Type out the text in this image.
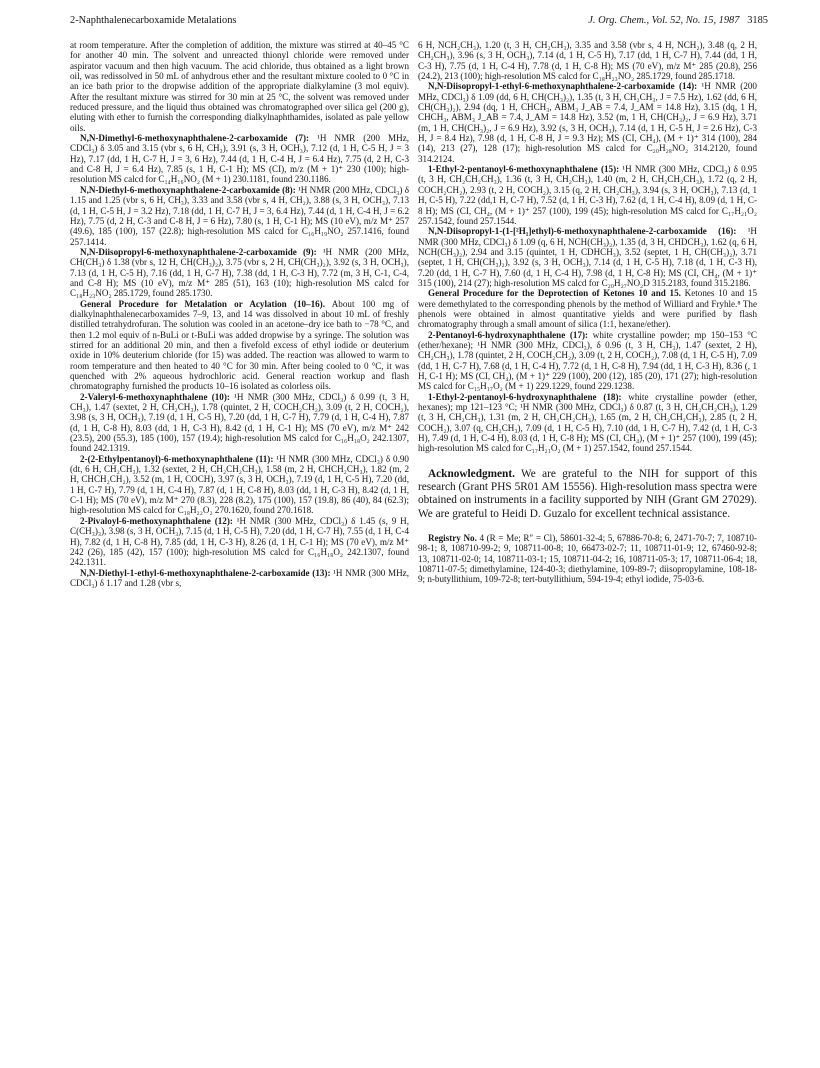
2-Naphthalenecarboxamide Metalations	J. Org. Chem., Vol. 52, No. 15, 1987 3185

at room temperature. After the completion of addition, the mixture was stirred at 40–45 °C for another 40 min. The solvent and unreacted thionyl chloride were removed under aspirator vacuum and then high vacuum. The acid chloride, thus obtained as a light brown oil, was redissolved in 50 mL of anhydrous ether and the resultant mixture cooled to 0 °C in an ice bath prior to the dropwise addition of the appropriate dialkylamine (3 mol equiv). After the resultant mixture was stirred for 30 min at 25 °C, the solvent was removed under reduced pressure, and the liquid thus obtained was chromatographed over silica gel (200 g), eluting with ether to furnish the corresponding dialkylnaphthamides, isolated as pale yellow oils.

N,N-Dimethyl-6-methoxynaphthalene-2-carboxamide (7): ¹H NMR (200 MHz, CDCl₃) δ 3.05 and 3.15 (vbr s, 6 H, CH₃), 3.91 (s, 3 H, OCH₃), 7.12 (d, 1 H, C-5 H, J = 3 Hz), 7.17 (dd, 1 H, C-7 H, J = 3, 6 Hz), 7.44 (d, 1 H, C-4 H, J = 6.4 Hz), 7.75 (d, 2 H, C-3 and C-8 H, J = 6.4 Hz), 7.85 (s, 1 H, C-1 H); MS (CI), m/z (M + 1)⁺ 230 (100); high-resolution MS calcd for C₁₄H₁₆NO₂ (M + 1) 230.1181, found 230.1186.

N,N-Diethyl-6-methoxynaphthalene-2-carboxamide (8): ¹H NMR (200 MHz, CDCl₃) δ 1.15 and 1.25 (vbr s, 6 H, CH₃), 3.33 and 3.58 (vbr s, 4 H, CH₂), 3.88 (s, 3 H, OCH₃), 7.13 (d, 1 H, C-5 H, J = 3.2 Hz), 7.18 (dd, 1 H, C-7 H, J = 3, 6.4 Hz), 7.44 (d, 1 H, C-4 H, J = 6.2 Hz), 7.75 (d, 2 H, C-3 and C-8 H, J = 6 Hz), 7.80 (s, 1 H, C-1 H); MS (10 eV), m/z M⁺ 257 (49.6), 185 (100), 157 (22.8); high-resolution MS calcd for C₁₆H₁₉NO₂ 257.1416, found 257.1414.

N,N-Diisopropyl-6-methoxynaphthalene-2-carboxamide (9): ¹H NMR (200 MHz, CH(CH₃) δ 1.38 (vbr s, 12 H, CH(CH₃)₂), 3.75 (vbr s, 2 H, CH(CH₃)₂), 3.92 (s, 3 H, OCH₃), 7.13 (d, 1 H, C-5 H), 7.16 (dd, 1 H, C-7 H), 7.38 (dd, 1 H, C-3 H), 7.72 (m, 3 H, C-1, C-4, and C-8 H); MS (10 eV), m/z M⁺ 285 (51), 163 (10); high-resolution MS calcd for C₁₈H₂₃NO₂ 285.1729, found 285.1730.

General Procedure for Metalation or Acylation (10–16). About 100 mg of dialkylnaphthalenecarboxamides 7–9, 13, and 14 was dissolved in about 10 mL of freshly distilled tetrahydrofuran. The solution was cooled in an acetone–dry ice bath to −78 °C, and then 1.2 mol equiv of n-BuLi or t-BuLi was added dropwise by a syringe. The solution was stirred for an additional 20 min, and then a fivefold excess of ethyl iodide or deuterium oxide in 10% deuterium chloride (for 15) was added. The reaction was allowed to warm to room temperature and then heated to 40 °C for 30 min. After being cooled to 0 °C, it was quenched with 2% aqueous hydrochloric acid. General reaction workup and flash chromatography furnished the products 10–16 isolated as colorless oils.

2-Valeryl-6-methoxynaphthalene (10): ¹H NMR (300 MHz, CDCl₃) δ 0.99 (t, 3 H, CH₃), 1.47 (sextet, 2 H, CH₂CH₃), 1.78 (quintet, 2 H, COCH₂CH₂), 3.09 (t, 2 H, COCH₂), 3.98 (s, 3 H, OCH₃), 7.19 (d, 1 H, C-5 H), 7.20 (dd, 1 H, C-7 H), 7.79 (d, 1 H, C-4 H), 7.87 (d, 1 H, C-8 H), 8.03 (dd, 1 H, C-3 H), 8.42 (d, 1 H, C-1 H); MS (70 eV), m/z M⁺ 242 (23.5), 200 (55.3), 185 (100), 157 (19.4); high-resolution MS calcd for C₁₆H₁₈O₂ 242.1307, found 242.1319.

2-(2-Ethylpentanoyl)-6-methoxynaphthalene (11): ¹H NMR (300 MHz, CDCl₃) δ 0.90 (dt, 6 H, CH₂CH₃), 1.32 (sextet, 2 H, CH₂CH₂CH₃), 1.58 (m, 2 H, CHCH₂CH₃), 1.82 (m, 2 H, CHCH₂CH₂), 3.52 (m, 1 H, COCH), 3.97 (s, 3 H, OCH₃), 7.19 (d, 1 H, C-5 H), 7.20 (dd, 1 H, C-7 H), 7.79 (d, 1 H, C-4 H), 7.87 (d, 1 H, C-8 H), 8.03 (dd, 1 H, C-3 H), 8.42 (d, 1 H, C-1 H); MS (70 eV), m/z M⁺ 270 (8.3), 228 (8.2), 175 (100), 157 (19.8), 86 (40), 84 (62.3); high-resolution MS calcd for C₁₈H₂₂O₂ 270.1620, found 270.1618.

2-Pivaloyl-6-methoxynaphthalene (12): ¹H NMR (300 MHz, CDCl₃) δ 1.45 (s, 9 H, C(CH₃)₃), 3.98 (s, 3 H, OCH₃), 7.15 (d, 1 H, C-5 H), 7.20 (dd, 1 H, C-7 H), 7.55 (d, 1 H, C-4 H), 7.82 (d, 1 H, C-8 H), 7.85 (dd, 1 H, C-3 H), 8.26 (d, 1 H, C-1 H); MS (70 eV), m/z M⁺ 242 (26), 185 (42), 157 (100); high-resolution MS calcd for C₁₆H₁₈O₂ 242.1307, found 242.1311.

N,N-Diethyl-1-ethyl-6-methoxynaphthalene-2-carboxamide (13): ¹H NMR (300 MHz, CDCl₃) δ 1.17 and 1.28 (vbr s,

6 H, NCH₂CH₃), 1.20 (t, 3 H, CH₂CH₃), 3.35 and 3.58 (vbr s, 4 H, NCH₂), 3.48 (q, 2 H, CH₂CH₃), 3.96 (s, 3 H, OCH₃), 7.14 (d, 1 H, C-5 H), 7.17 (dd, 1 H, C-7 H), 7.44 (dd, 1 H, C-3 H), 7.75 (d, 1 H, C-4 H), 7.78 (d, 1 H, C-8 H); MS (70 eV), m/z M⁺ 285 (20.8), 256 (24.2), 213 (100); high-resolution MS calcd for C₁₈H₂₃NO₂ 285.1729, found 285.1718.

N,N-Diisopropyl-1-ethyl-6-methoxynaphthalene-2-carboxamide (14): ¹H NMR (200 MHz, CDCl₃) δ 1.09 (dd, 6 H, CH(CH₃)₂), 1.35 (t, 3 H, CH₂CH₃, J = 7.5 Hz), 1.62 (dd, 6 H, CH(CH₃)₂), 2.94 (dq, 1 H, CHCH₃, ABM₃ J_AB = 7.4, J_AM = 14.8 Hz), 3.15 (dq, 1 H, CHCH₃, ABM₃ J_AB = 7.4, J_AM = 14.8 Hz), 3.52 (m, 1 H, CH(CH₃)₂, J = 6.9 Hz), 3.71 (m, 1 H, CH(CH₃)₂, J = 6.9 Hz), 3.92 (s, 3 H, OCH₃), 7.14 (d, 1 H, C-5 H, J = 2.6 Hz), C-3 H, J = 8.4 Hz), 7.98 (d, 1 H, C-8 H, J = 9.3 Hz); MS (CI, CH₄), (M + 1)⁺ 314 (100), 284 (14), 213 (27), 128 (17); high-resolution MS calcd for C₂₀H₂₈NO₂ 314.2120, found 314.2124.

1-Ethyl-2-pentanoyl-6-methoxynaphthalene (15): ¹H NMR (300 MHz, CDCl₃) δ 0.95 (t, 3 H, CH₂CH₂CH₃), 1.36 (t, 3 H, CH₂CH₃), 1.40 (m, 2 H, CH₂CH₂CH₃), 1.72 (q, 2 H, COCH₂CH₂), 2.93 (t, 2 H, COCH₂), 3.15 (q, 2 H, CH₂CH₃), 3.94 (s, 3 H, OCH₃), 7.13 (d, 1 H, C-5 H), 7.22 (dd,1 H, C-7 H), 7.52 (d, 1 H, C-3 H), 7.62 (d, 1 H, C-4 H), 8.09 (d, 1 H, C-8 H); MS (CI, CH₄, (M + 1)⁺ 257 (100), 199 (45); high-resolution MS calcd for C₁₇H₂₁O₂ 257.1542, found 257.1544.

N,N-Diisopropyl-1-(1-[²H₁]ethyl)-6-methoxynaphthalene-2-carboxamide (16): ¹H NMR (300 MHz, CDCl₃) δ 1.09 (q, 6 H, NCH(CH₃)₂), 1.35 (d, 3 H, CHDCH₃), 1.62 (q, 6 H, NCH(CH₃)₂), 2.94 and 3.15 (quintet, 1 H, CDHCH₃), 3.52 (septet, 1 H, CH(CH₃)₂), 3.71 (septet, 1 H, CH(CH₃)₂), 3.92 (s, 3 H, OCH₃), 7.14 (d, 1 H, C-5 H), 7.18 (d, 1 H, C-3 H), 7.20 (dd, 1 H, C-7 H), 7.60 (d, 1 H, C-4 H), 7.98 (d, 1 H, C-8 H); MS (CI, CH₄, (M + 1)⁺ 315 (100), 214 (27); high-resolution MS calcd for C₂₀H₂₇NO₂D 315.2183, found 315.2186.

General Procedure for the Deprotection of Ketones 10 and 15. Ketones 10 and 15 were demethylated to the corresponding phenols by the method of Williard and Fryhle.⁸ The phenols were obtained in almost quantitative yields and were purified by flash chromatography through a small amount of silica (1:1, hexane/ether).

2-Pentanoyl-6-hydroxynaphthalene (17): white crystalline powder; mp 150–153 °C (ether/hexane); ¹H NMR (300 MHz, CDCl₃), δ 0.96 (t, 3 H, CH₃), 1.47 (sextet, 2 H), CH₂CH₃), 1.78 (quintet, 2 H, COCH₂CH₂), 3.09 (t, 2 H, COCH₂), 7.08 (d, 1 H, C-5 H), 7.09 (dd, 1 H, C-7 H), 7.68 (d, 1 H, C-4 H), 7.72 (d, 1 H, C-8 H), 7.94 (dd, 1 H, C-3 H), 8.36 (, 1 H, C-1 H); MS (CI, CH₄), (M + 1)⁺ 229 (100), 200 (12), 185 (20), 171 (27); high-resolution MS calcd for C₁₅H₁₇O₂ (M + 1) 229.1229, found 229.1238.

1-Ethyl-2-pentanoyl-6-hydroxynaphthalene (18): white crystalline powder (ether, hexanes); mp 121–123 °C; ¹H NMR (300 MHz, CDCl₃) δ 0.87 (t, 3 H, CH₂CH₂CH₃), 1.29 (t, 3 H, CH₂CH₃), 1.31 (m, 2 H, CH₂CH₂CH₃), 1.65 (m, 2 H, CH₂CH₂CH₃), 2.85 (t, 2 H, COCH₂), 3.07 (q, CH₂CH₃), 7.09 (d, 1 H, C-5 H), 7.10 (dd, 1 H, C-7 H), 7.42 (d, 1 H, C-3 H), 7.49 (d, 1 H, C-4 H), 8.03 (d, 1 H, C-8 H); MS (CI, CH₄), (M + 1)⁺ 257 (100), 199 (45); high-resolution MS calcd for C₁₇H₂₁O₂ (M + 1) 257.1542, found 257.1544.

Acknowledgment. We are grateful to the NIH for support of this research (Grant PHS 5R01 AM 15556). High-resolution mass spectra were obtained on instruments in a facility supported by NIH (Grant GM 27029). We are grateful to Heidi D. Guzalo for excellent technical assistance.

Registry No. 4 (R = Me; R″ = Cl), 58601-32-4; 5, 67886-70-8; 6, 2471-70-7; 7, 108710-98-1; 8, 108710-99-2; 9, 108711-00-8; 10, 66473-02-7; 11, 108711-01-9; 12, 67460-92-8; 13, 108711-02-0; 14, 108711-03-1; 15, 108711-04-2; 16, 108711-05-3; 17, 108711-06-4; 18, 108711-07-5; dimethylamine, 124-40-3; diethylamine, 109-89-7; diisopropylamine, 108-18-9; n-butyllithium, 109-72-8; tert-butyllithium, 594-19-4; ethyl iodide, 75-03-6.
